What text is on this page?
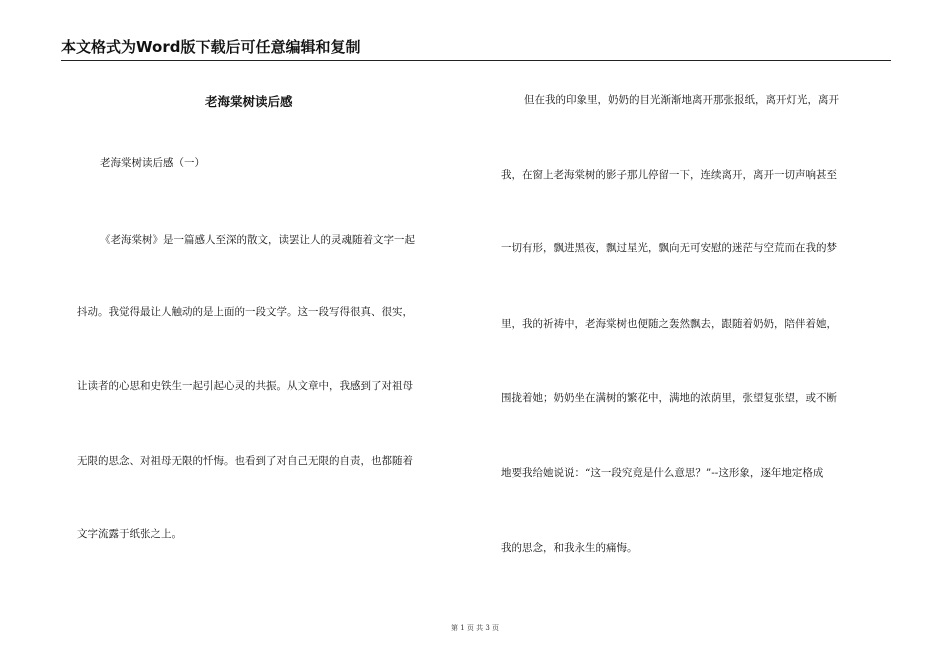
本文格式为Word版下载后可任意编辑和复制
老海棠树读后感
老海棠树读后感（一）
《老海棠树》是一篇感人至深的散文，读罢让人的灵魂随着文字一起
抖动。我觉得最让人触动的是上面的一段文学。这一段写得很真、很实，
让读者的心思和史铁生一起引起心灵的共振。从文章中，我感到了对祖母
无限的思念、对祖母无限的忏悔。也看到了对自己无限的自责，也都随着
文字流露于纸张之上。
但在我的印象里，奶奶的目光渐渐地离开那张报纸，离开灯光，离开
我，在窗上老海棠树的影子那儿停留一下，连续离开，离开一切声响甚至
一切有形，飘进黑夜，飘过星光，飘向无可安慰的迷茫与空荒而在我的梦
里，我的祈祷中，老海棠树也便随之轰然飘去，跟随着奶奶，陪伴着她，
围拢着她；奶奶坐在满树的繁花中，满地的浓荫里，张望复张望，或不断
地要我给她说说：“这一段究竟是什么意思？”--这形象，逐年地定格成
我的思念，和我永生的痛悔。
第 1 页 共 3 页
